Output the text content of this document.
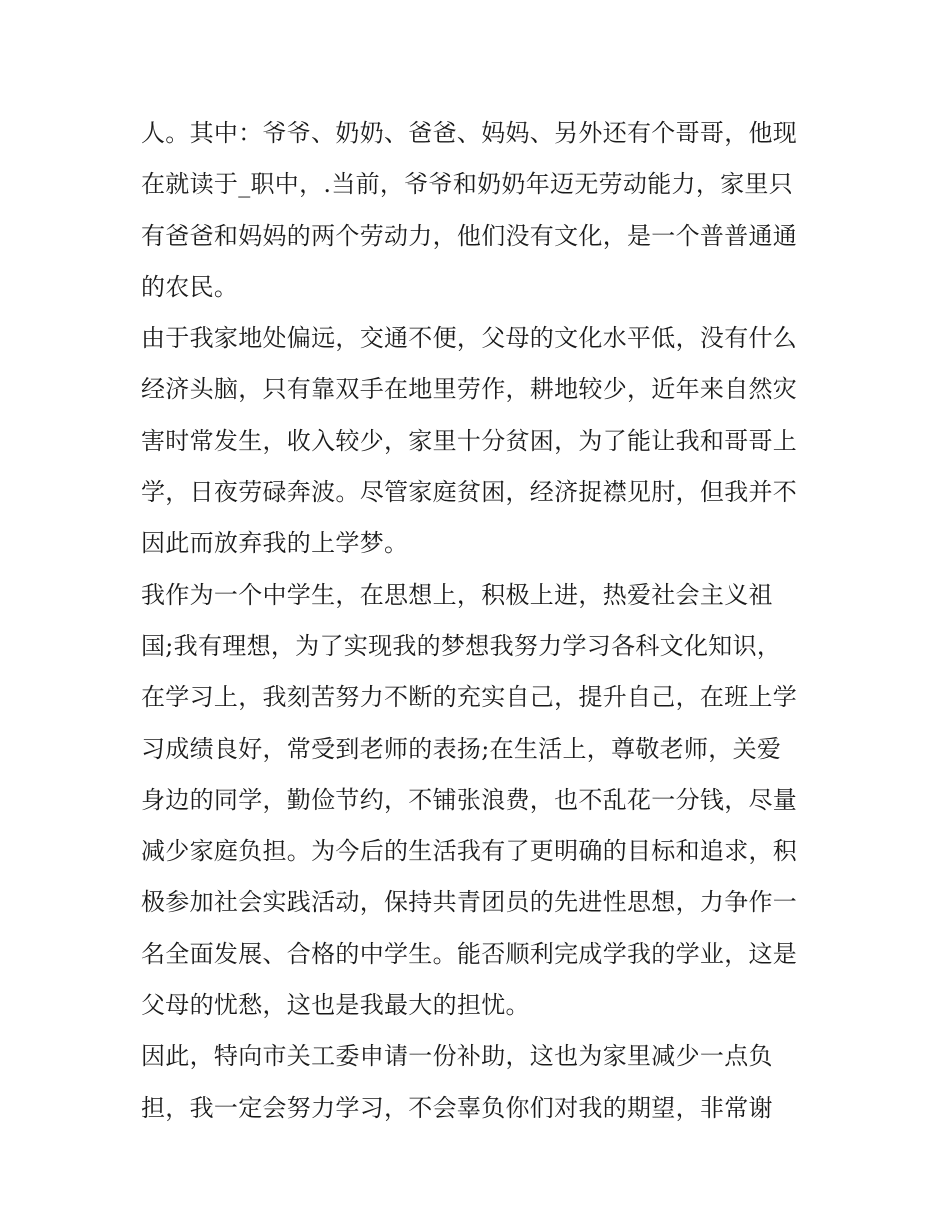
人。其中：爷爷、奶奶、爸爸、妈妈、另外还有个哥哥，他现
在就读于_职中，.当前，爷爷和奶奶年迈无劳动能力，家里只
有爸爸和妈妈的两个劳动力，他们没有文化，是一个普普通通
的农民。
由于我家地处偏远，交通不便，父母的文化水平低，没有什么
经济头脑，只有靠双手在地里劳作，耕地较少，近年来自然灾
害时常发生，收入较少，家里十分贫困，为了能让我和哥哥上
学，日夜劳碌奔波。尽管家庭贫困，经济捉襟见肘，但我并不
因此而放弃我的上学梦。
我作为一个中学生，在思想上，积极上进，热爱社会主义祖
国;我有理想，为了实现我的梦想我努力学习各科文化知识，
在学习上，我刻苦努力不断的充实自己，提升自己，在班上学
习成绩良好，常受到老师的表扬;在生活上，尊敬老师，关爱
身边的同学，勤俭节约，不铺张浪费，也不乱花一分钱，尽量
减少家庭负担。为今后的生活我有了更明确的目标和追求，积
极参加社会实践活动，保持共青团员的先进性思想，力争作一
名全面发展、合格的中学生。能否顺利完成学我的学业，这是
父母的忧愁，这也是我最大的担忧。
因此，特向市关工委申请一份补助，这也为家里减少一点负
担，我一定会努力学习，不会辜负你们对我的期望，非常谢
